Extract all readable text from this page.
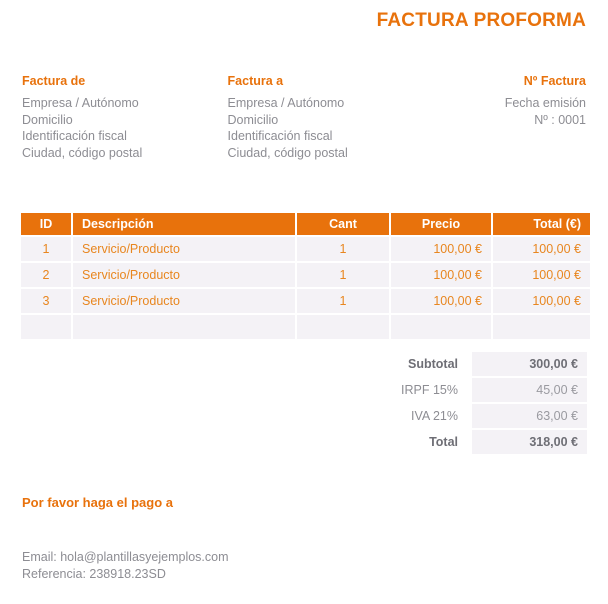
FACTURA PROFORMA
Factura de
Empresa / Autónomo
Domicilio
Identificación fiscal
Ciudad, código postal
Factura a
Empresa / Autónomo
Domicilio
Identificación fiscal
Ciudad, código postal
Nº Factura
Fecha emisión
Nº : 0001
ID	Descripción	Cant	Precio	Total (€)
1	Servicio/Producto	1	100,00 €	100,00 €
2	Servicio/Producto	1	100,00 €	100,00 €
3	Servicio/Producto	1	100,00 €	100,00 €

Subtotal	300,00 €
IRPF 15%	45,00 €
IVA 21%	63,00 €
Total	318,00 €
Por favor haga el pago a
Email: hola@plantillasyejemplos.com
Referencia: 238918.23SD
